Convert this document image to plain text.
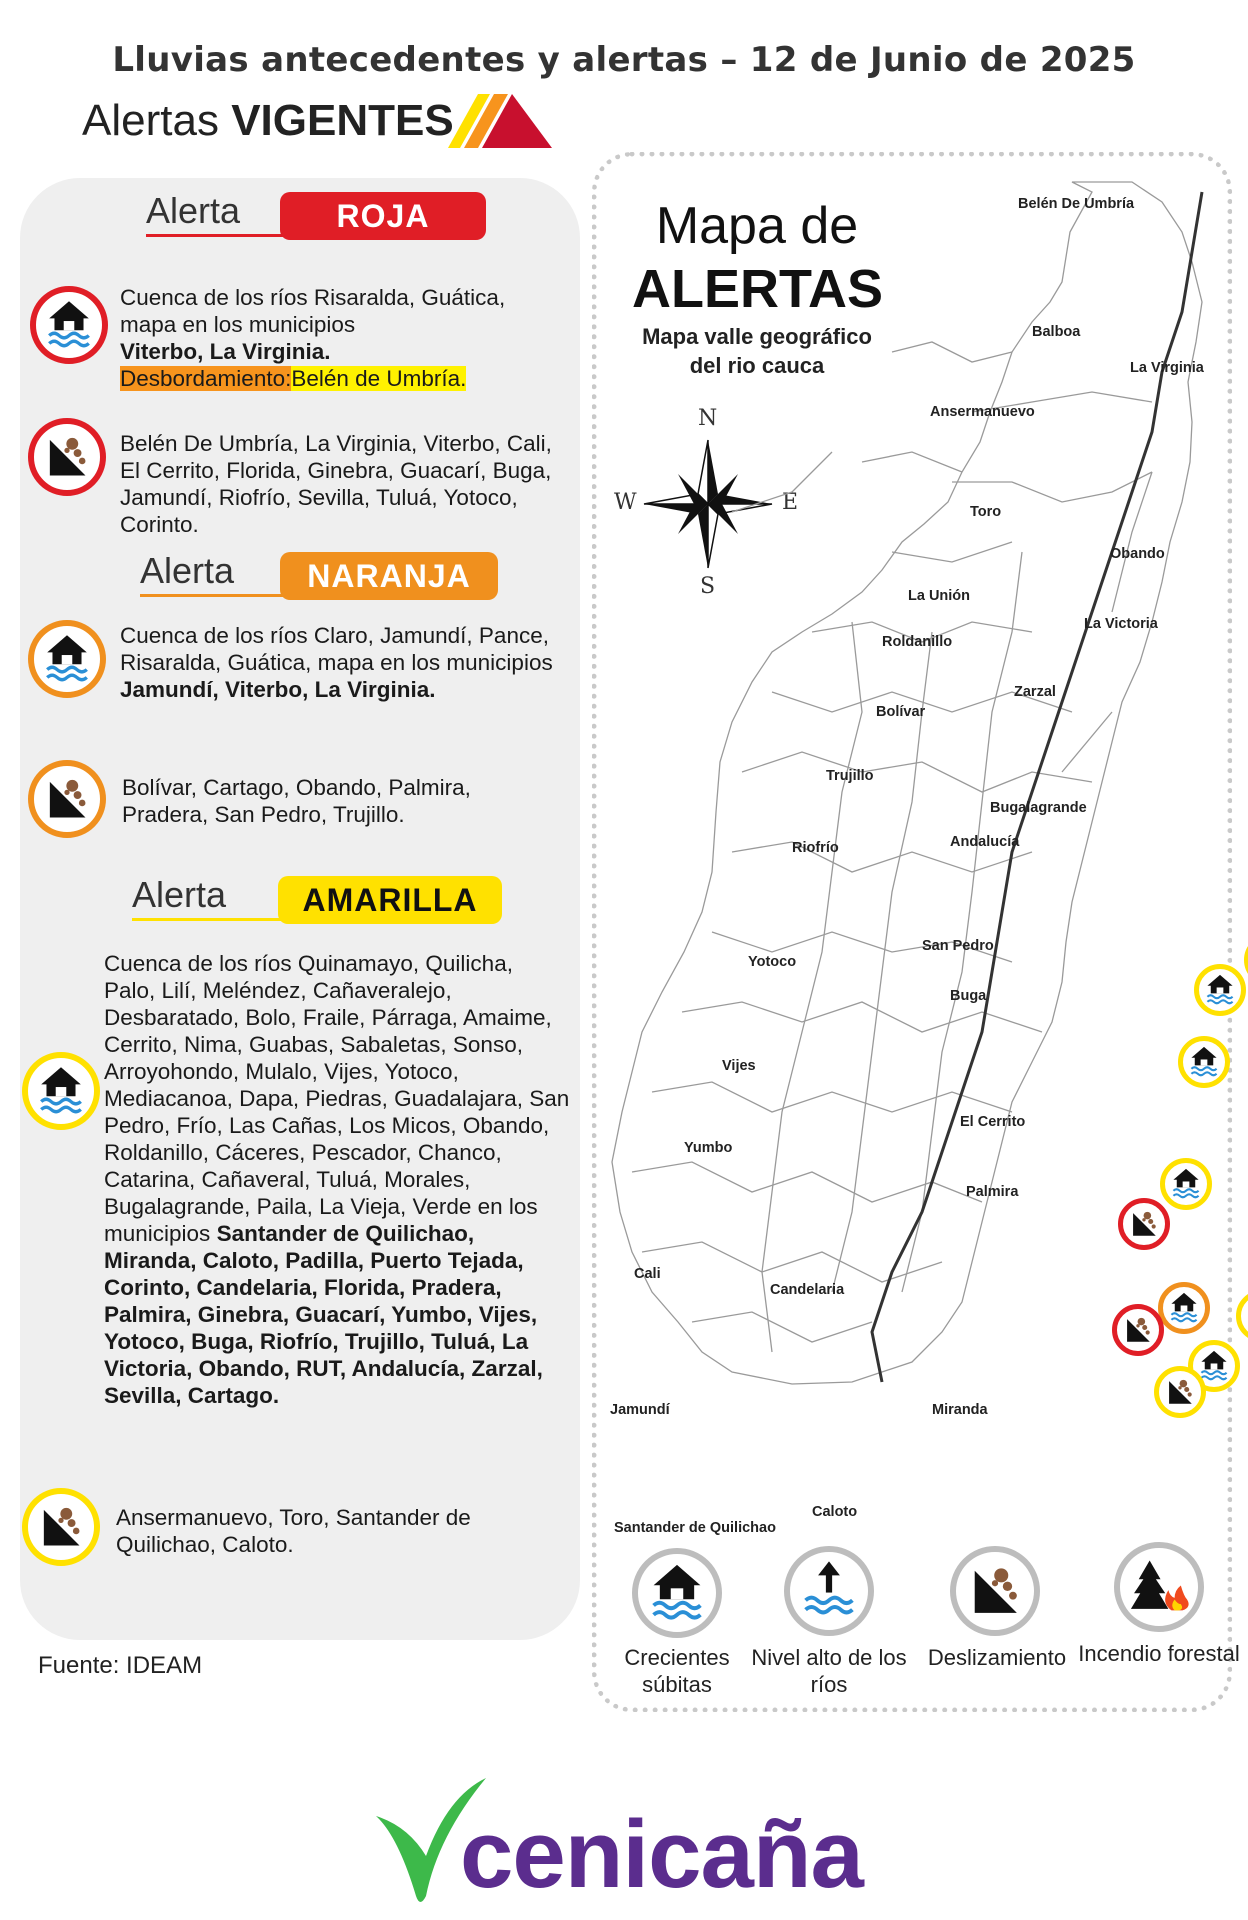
Lluvias antecedentes y alertas – 12 de Junio de 2025
Alertas VIGENTES
Alerta	ROJA
Cuenca de los ríos Risaralda, Guática, mapa en los municipios
Viterbo, La Virginia.
Desbordamiento:Belén de Umbría.
Belén De Umbría, La Virginia, Viterbo, Cali, El Cerrito, Florida, Ginebra, Guacarí, Buga, Jamundí, Riofrío, Sevilla, Tuluá, Yotoco, Corinto.
Alerta	NARANJA
Cuenca de los ríos Claro, Jamundí, Pance, Risaralda, Guática, mapa en los municipios Jamundí, Viterbo, La Virginia.
Bolívar, Cartago, Obando, Palmira, Pradera, San Pedro, Trujillo.
Alerta	AMARILLA
Cuenca de los ríos Quinamayo, Quilicha, Palo, Lilí, Meléndez, Cañaveralejo, Desbaratado, Bolo, Fraile, Párraga, Amaime, Cerrito, Nima, Guabas, Sabaletas, Sonso, Arroyohondo, Mulalo, Vijes, Yotoco, Mediacanoa, Dapa, Piedras, Guadalajara, San Pedro, Frío, Las Cañas, Los Micos, Obando, Roldanillo, Cáceres, Pescador, Chanco, Catarina, Cañaveral, Tuluá, Morales, Bugalagrande, Paila, La Vieja, Verde en los municipios Santander de Quilichao, Miranda, Caloto, Padilla, Puerto Tejada, Corinto, Candelaria, Florida, Pradera, Palmira, Ginebra, Guacarí, Yumbo, Vijes, Yotoco, Buga, Riofrío, Trujillo, Tuluá, La Victoria, Obando, RUT, Andalucía, Zarzal, Sevilla, Cartago.
Ansermanuevo, Toro, Santander de Quilichao, Caloto.
Fuente: IDEAM
Mapa de
ALERTAS
Mapa valle geográfico
del rio cauca
N
S
E
W
Belén De Umbría
Balboa
La Virginia
Ansermanuevo
Toro
Obando
La Unión
La Victoria
Roldanillo
Zarzal
Bolívar
Trujillo
Bugalagrande
Riofrío	Andalucía
San Pedro
Yotoco
Buga
Vijes
El Cerrito
Yumbo
Palmira
Cali
Candelaria
Jamundí	Miranda
Caloto
Santander de Quilichao
Crecientes súbitas
Nivel alto de los ríos
Deslizamiento Incendio forestal
cenicaña
